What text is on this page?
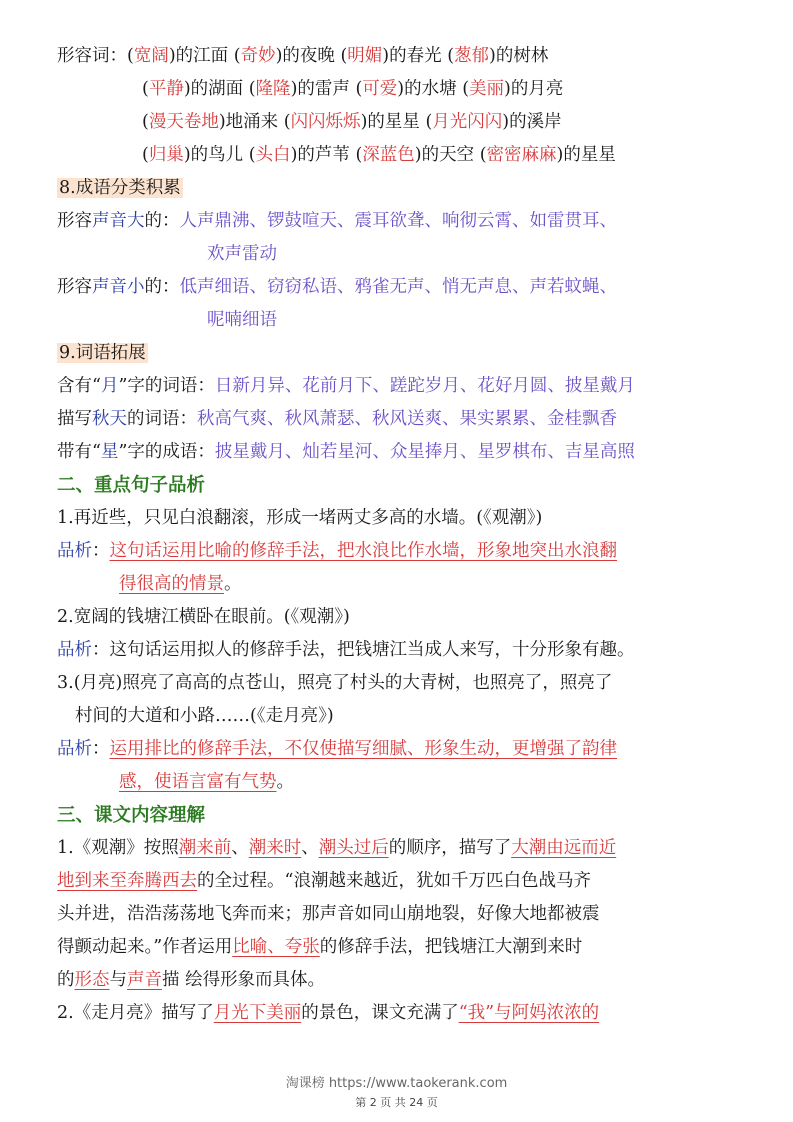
形容词：(宽阔)的江面 (奇妙)的夜晚 (明媚)的春光 (葱郁)的树林
(平静)的湖面 (隆隆)的雷声 (可爱)的水塘 (美丽)的月亮
(漫天卷地)地涌来 (闪闪烁烁)的星星 (月光闪闪)的溪岸
(归巢)的鸟儿 (头白)的芦苇 (深蓝色)的天空 (密密麻麻)的星星
8.成语分类积累
形容声音大的：人声鼎沸、锣鼓喧天、震耳欲聋、响彻云霄、如雷贯耳、
欢声雷动
形容声音小的：低声细语、窃窃私语、鸦雀无声、悄无声息、声若蚊蝇、
呢喃细语
9.词语拓展
含有“月”字的词语：日新月异、花前月下、蹉跎岁月、花好月圆、披星戴月
描写秋天的词语：秋高气爽、秋风萧瑟、秋风送爽、果实累累、金桂飘香
带有“星”字的成语：披星戴月、灿若星河、众星捧月、星罗棋布、吉星高照
二、重点句子品析
1.再近些，只见白浪翻滚，形成一堵两丈多高的水墙。(《观潮》)
品析：这句话运用比喻的修辞手法，把水浪比作水墙，形象地突出水浪翻
得很高的情景。
2.宽阔的钱塘江横卧在眼前。(《观潮》)
品析：这句话运用拟人的修辞手法，把钱塘江当成人来写，十分形象有趣。
3.(月亮)照亮了高高的点苍山，照亮了村头的大青树，也照亮了，照亮了
村间的大道和小路……(《走月亮》)
品析：运用排比的修辞手法，不仅使描写细腻、形象生动，更增强了韵律
感，使语言富有气势。
三、课文内容理解
1.《观潮》按照潮来前、潮来时、潮头过后的顺序，描写了大潮由远而近
地到来至奔腾西去的全过程。“浪潮越来越近，犹如千万匹白色战马齐
头并进，浩浩荡荡地飞奔而来；那声音如同山崩地裂，好像大地都被震
得颤动起来。”作者运用比喻、夸张的修辞手法，把钱塘江大潮到来时
的形态与声音描 绘得形象而具体。
2.《走月亮》描写了月光下美丽的景色，课文充满了“我”与阿妈浓浓的
淘课榜 https://www.taokerank.com
第 2 页 共 24 页
